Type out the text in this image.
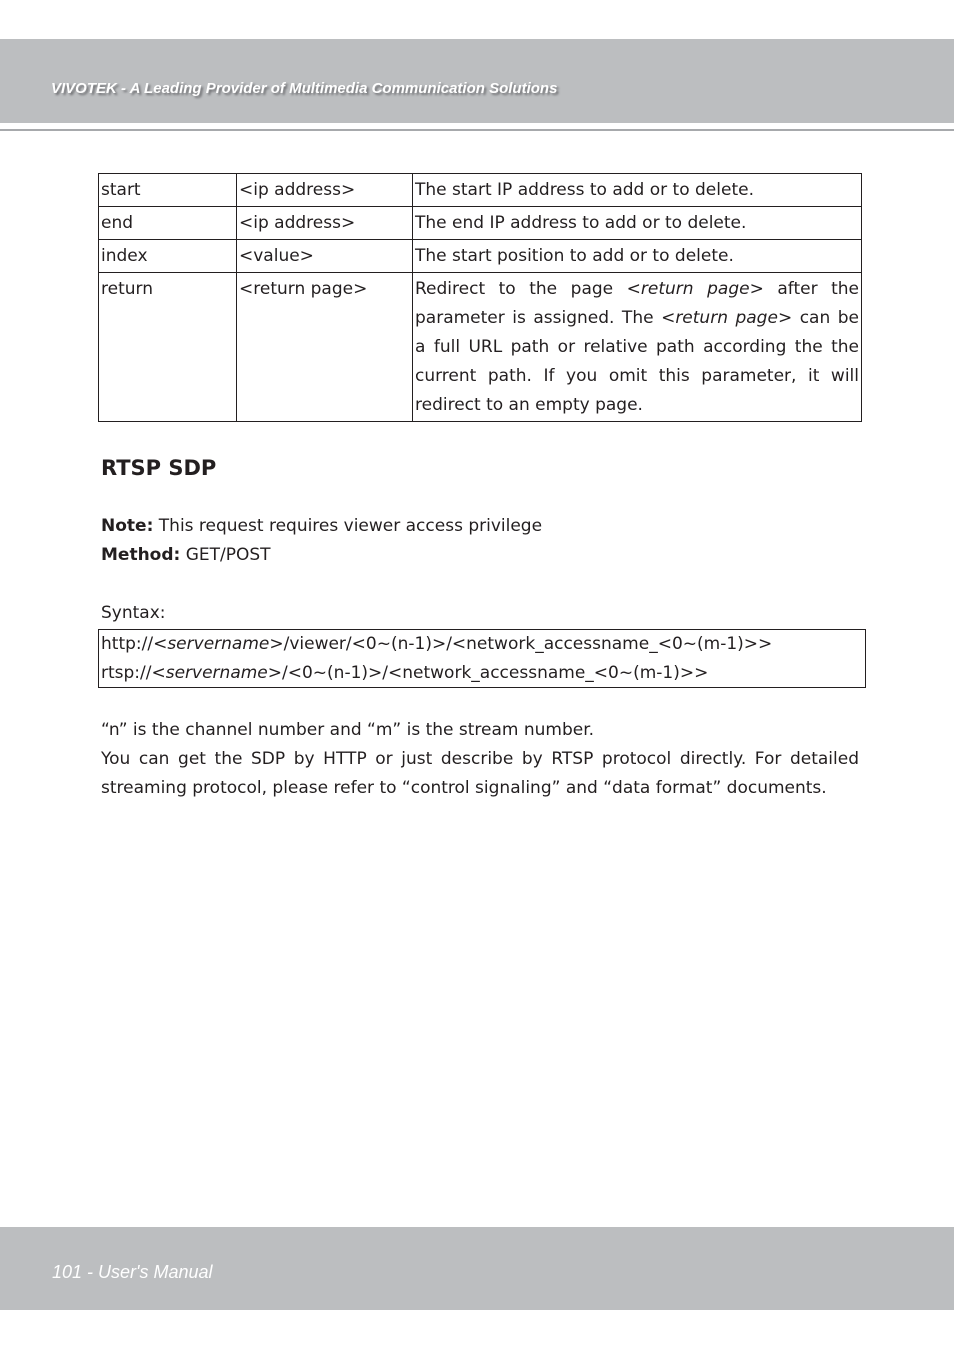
VIVOTEK - A Leading Provider of Multimedia Communication Solutions
start	<ip address>	The start IP address to add or to delete.
end	<ip address>	The end IP address to add or to delete.
index	<value>	The start position to add or to delete.
return	<return page>	Redirect to the page <return page> after the parameter is assigned. The <return page> can be a full URL path or relative path according the the current path. If you omit this parameter, it will redirect to an empty page.
RTSP SDP
Note: This request requires viewer access privilege
Method: GET/POST
Syntax:
http://<servername>/viewer/<0~(n-1)>/<network_accessname_<0~(m-1)>>
rtsp://<servername>/<0~(n-1)>/<network_accessname_<0~(m-1)>>
“n” is the channel number and “m” is the stream number.
You can get the SDP by HTTP or just describe by RTSP protocol directly. For detailed streaming protocol, please refer to “control signaling” and “data format” documents.
101 - User's Manual
